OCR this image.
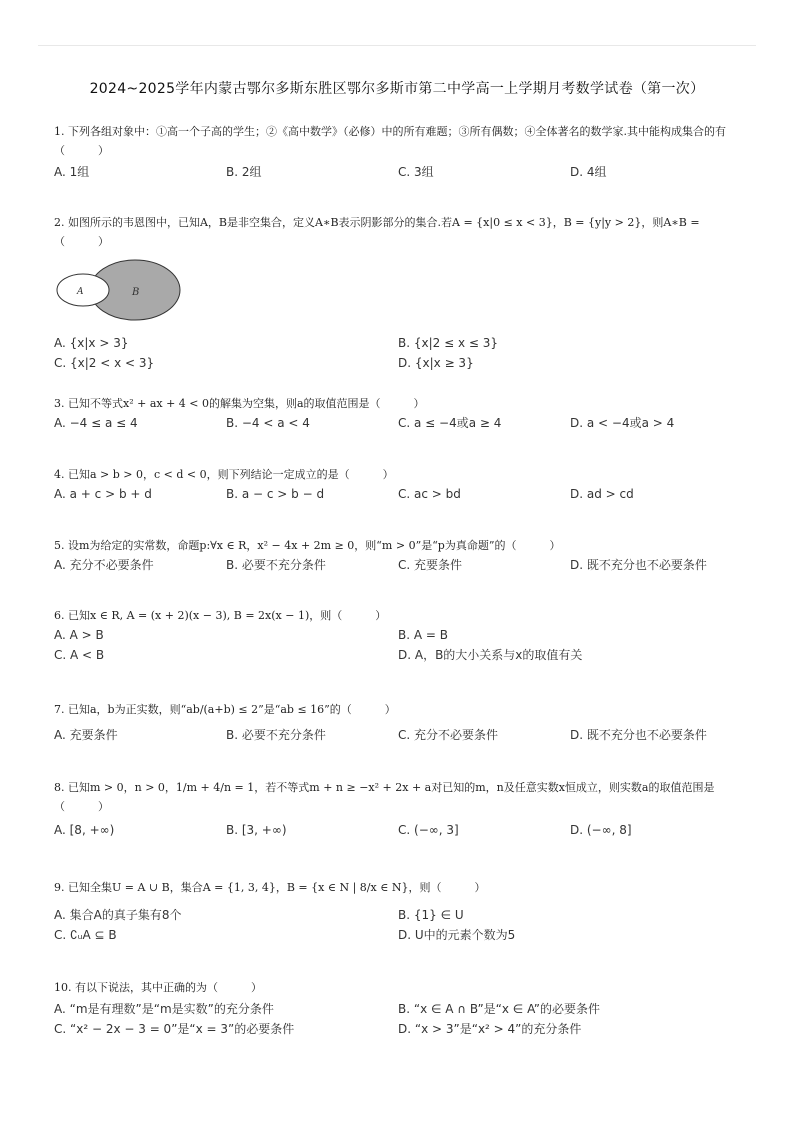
2024~2025学年内蒙古鄂尔多斯东胜区鄂尔多斯市第二中学高一上学期月考数学试卷（第一次）
1. 下列各组对象中：①高一个子高的学生；②《高中数学》（必修）中的所有难题；③所有偶数；④全体著名的数学家.其中能构成集合的有（　　　）
A. 1组	B. 2组	C. 3组	D. 4组
2. 如图所示的韦恩图中，已知A，B是非空集合，定义A∗B表示阴影部分的集合.若A = {x|0 ≤ x < 3}，B = {y|y > 2}，则A∗B =（　　　）
A	B
A. {x|x > 3}	B. {x|2 ≤ x ≤ 3}
C. {x|2 < x < 3}	D. {x|x ≥ 3}
3. 已知不等式x² + ax + 4 < 0的解集为空集，则a的取值范围是（　　　）
A. −4 ≤ a ≤ 4	B. −4 < a < 4	C. a ≤ −4或a ≥ 4	D. a < −4或a > 4
4. 已知a > b > 0，c < d < 0，则下列结论一定成立的是（　　　）
A. a + c > b + d	B. a − c > b − d	C. ac > bd	D. ad > cd
5. 设m为给定的实常数，命题p:∀x ∈ R，x² − 4x + 2m ≥ 0，则“m > 0”是“p为真命题”的（　　　）
A. 充分不必要条件	B. 必要不充分条件	C. 充要条件	D. 既不充分也不必要条件
6. 已知x ∈ R, A = (x + 2)(x − 3), B = 2x(x − 1)，则（　　　）
A. A > B	B. A = B
C. A < B	D. A，B的大小关系与x的取值有关
7. 已知a，b为正实数，则“ab/(a+b) ≤ 2”是“ab ≤ 16”的（　　　）
A. 充要条件	B. 必要不充分条件	C. 充分不必要条件	D. 既不充分也不必要条件
8. 已知m > 0，n > 0，1/m + 4/n = 1，若不等式m + n ≥ −x² + 2x + a对已知的m，n及任意实数x恒成立，则实数a的取值范围是（　　　）
A. [8, +∞)	B. [3, +∞)	C. (−∞, 3]	D. (−∞, 8]
9. 已知全集U = A ∪ B，集合A = {1, 3, 4}，B = {x ∈ N | 8/x ∈ N}，则（　　　）
A. 集合A的真子集有8个	B. {1} ∈ U
C. ∁ᵤA ⊆ B	D. U中的元素个数为5
10. 有以下说法，其中正确的为（　　　）
A. “m是有理数”是“m是实数”的充分条件	B. “x ∈ A ∩ B”是“x ∈ A”的必要条件
C. “x² − 2x − 3 = 0”是“x = 3”的必要条件	D. “x > 3”是“x² > 4”的充分条件
